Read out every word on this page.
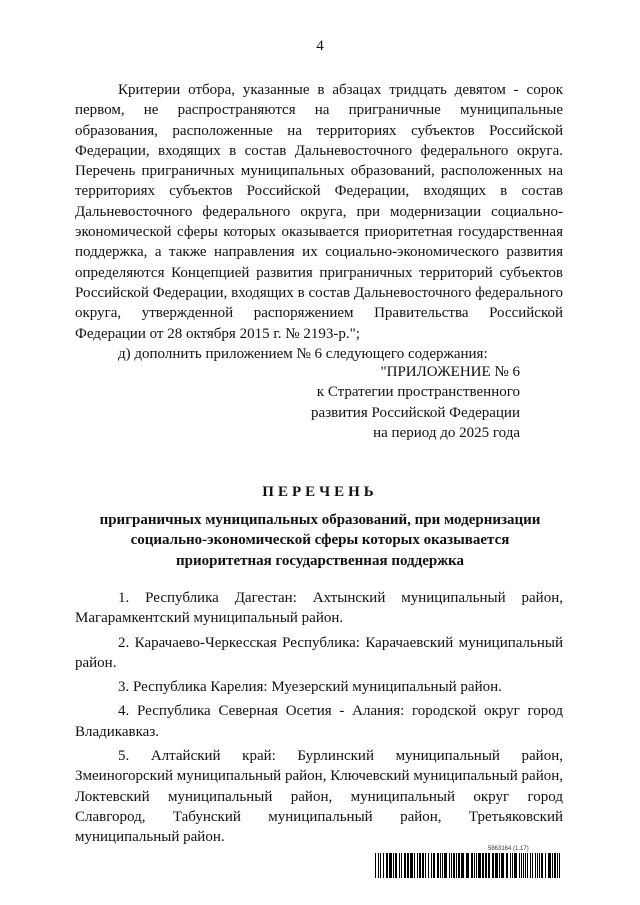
4

Критерии отбора, указанные в абзацах тридцать девятом - сорок первом, не распространяются на приграничные муниципальные образования, расположенные на территориях субъектов Российской Федерации, входящих в состав Дальневосточного федерального округа. Перечень приграничных муниципальных образований, расположенных на территориях субъектов Российской Федерации, входящих в состав Дальневосточного федерального округа, при модернизации социально-экономической сферы которых оказывается приоритетная государственная поддержка, а также направления их социально-экономического развития определяются Концепцией развития приграничных территорий субъектов Российской Федерации, входящих в состав Дальневосточного федерального округа, утвержденной распоряжением Правительства Российской Федерации от 28 октября 2015 г. № 2193-р.";

д) дополнить приложением № 6 следующего содержания:

"ПРИЛОЖЕНИЕ № 6
к Стратегии пространственного
развития Российской Федерации
на период до 2025 года
ПЕРЕЧЕНЬ
приграничных муниципальных образований, при модернизации социально-экономической сферы которых оказывается приоритетная государственная поддержка

1. Республика Дагестан: Ахтынский муниципальный район, Магарамкентский муниципальный район.

2. Карачаево-Черкесская Республика: Карачаевский муниципальный район.

3. Республика Карелия: Муезерский муниципальный район.

4. Республика Северная Осетия - Алания: городской округ город Владикавказ.

5. Алтайский край: Бурлинский муниципальный район, Змеиногорский муниципальный район, Ключевский муниципальный район, Локтевский муниципальный район, муниципальный округ город Славгород, Табунский муниципальный район, Третьяковский муниципальный район.

5863164 (1.17)
